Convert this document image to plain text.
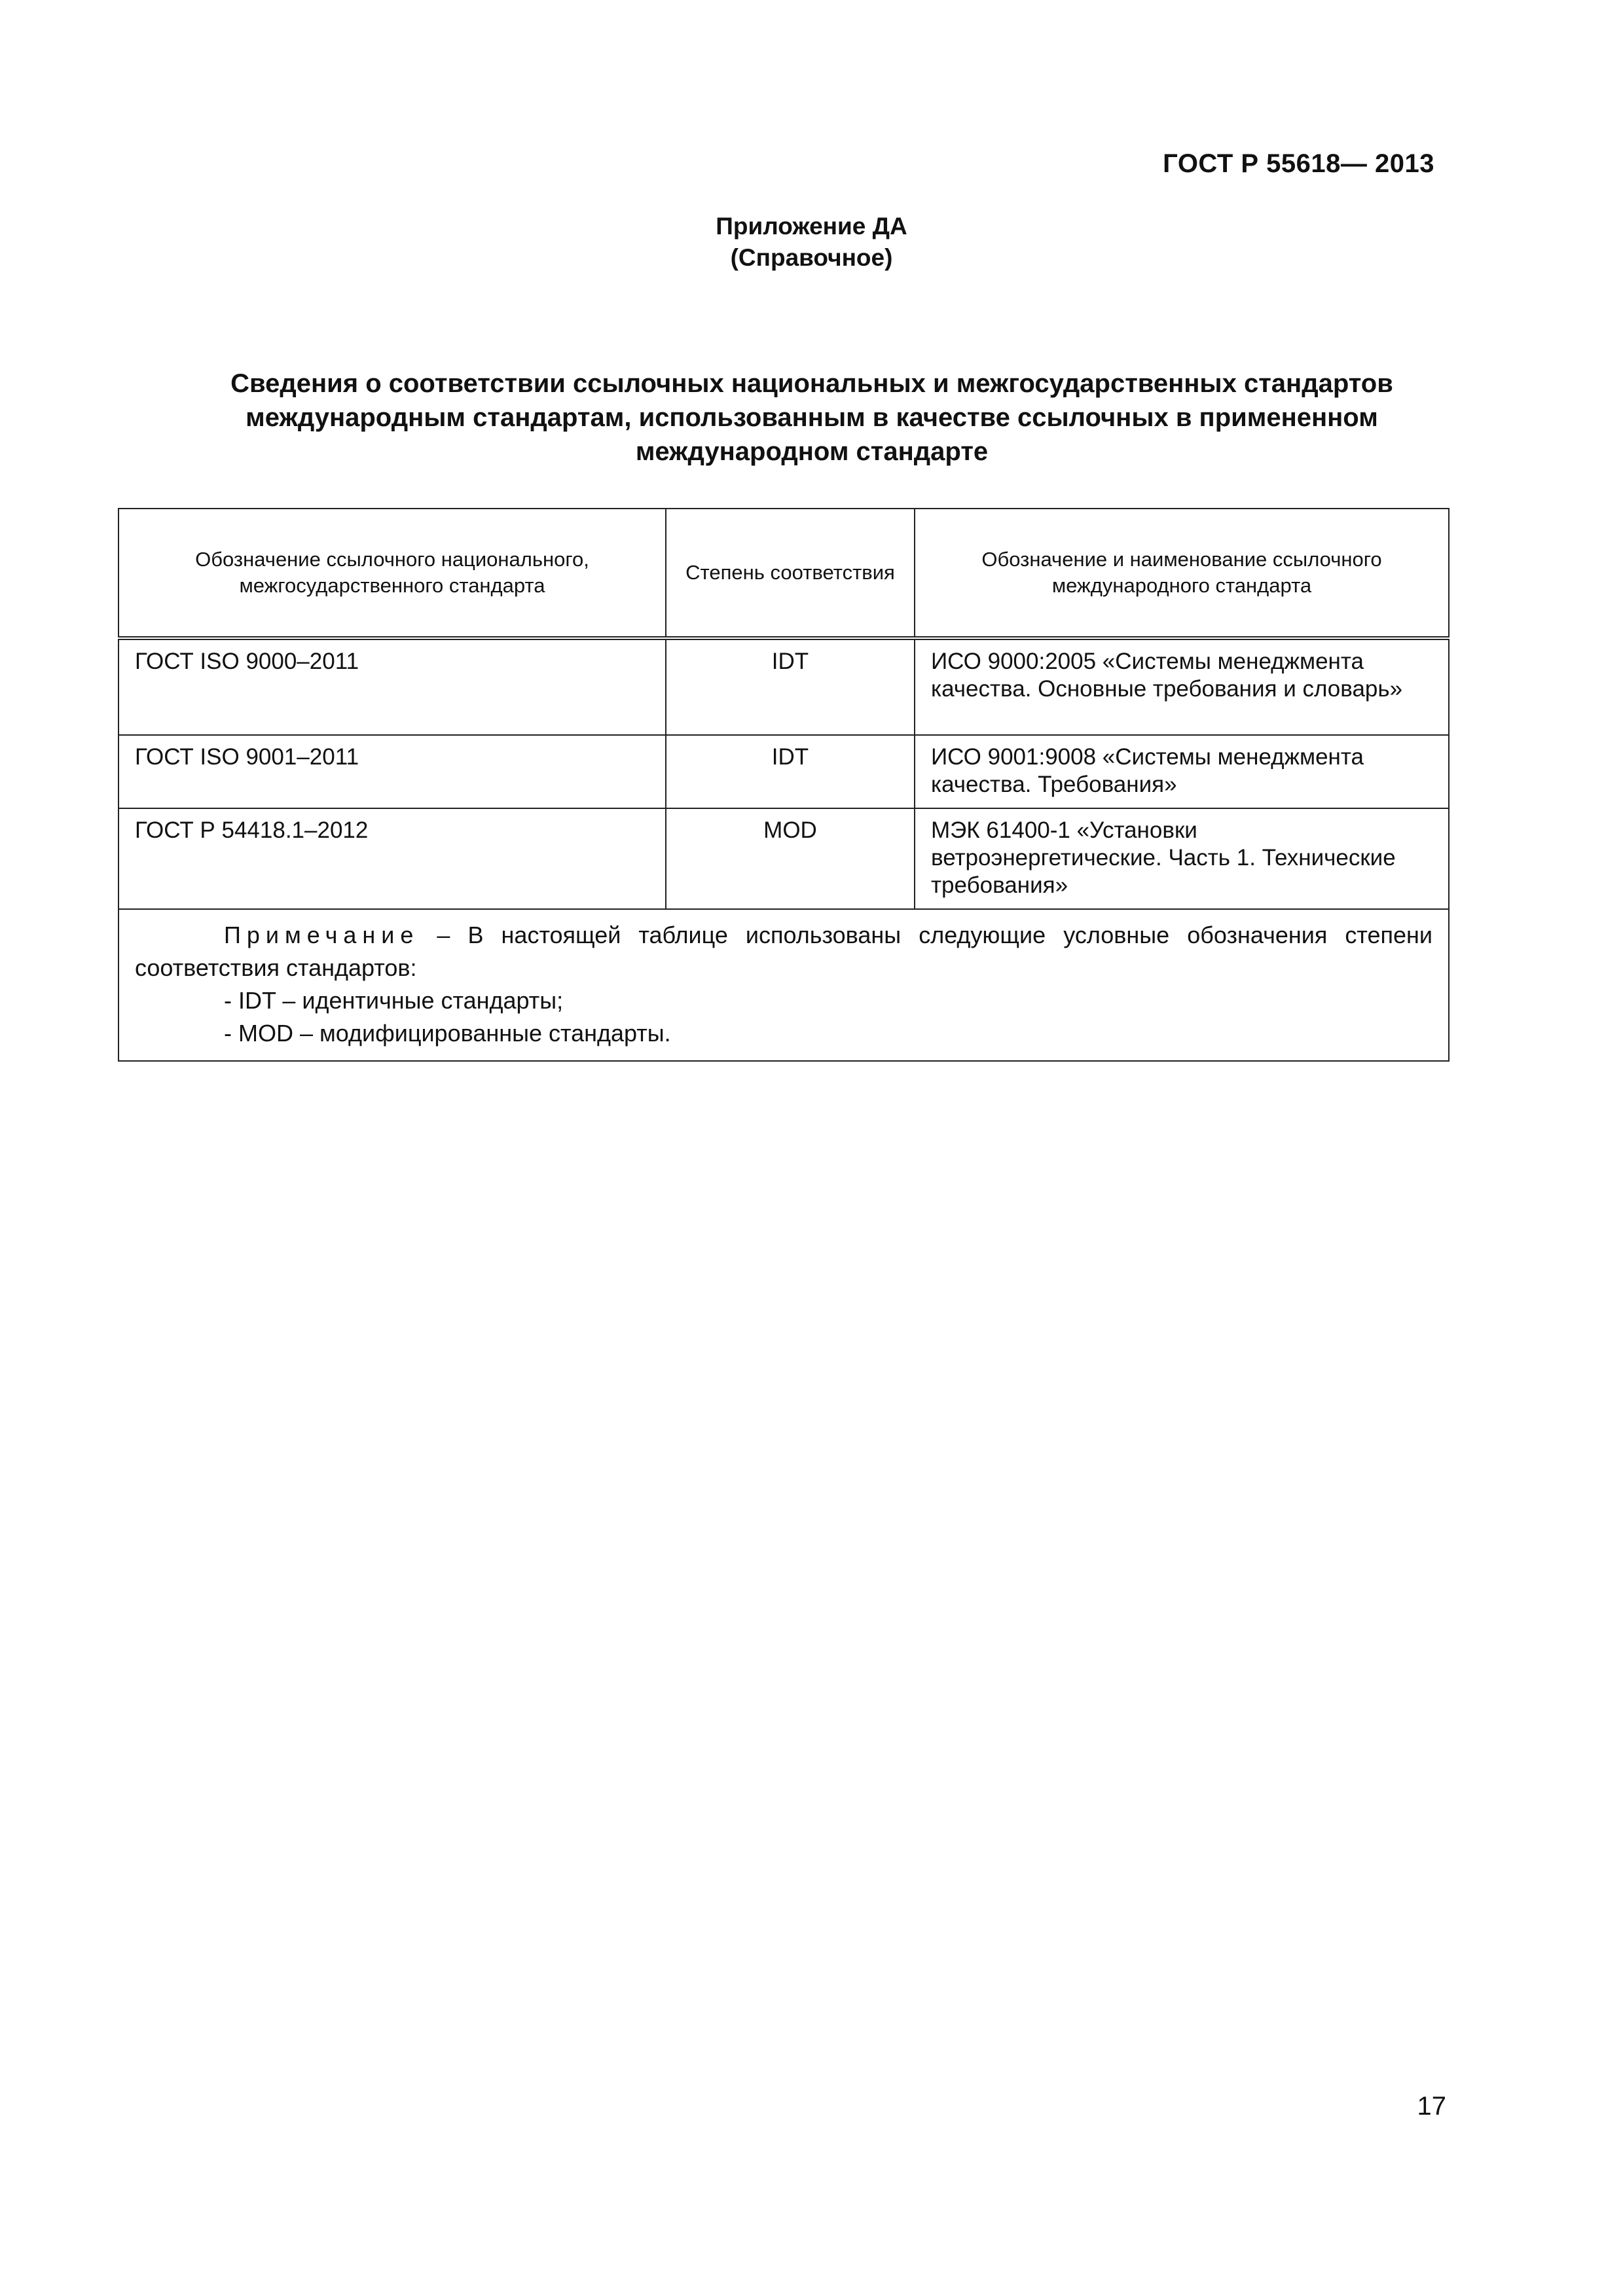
ГОСТ Р 55618— 2013
Приложение ДА
(Справочное)
Сведения о соответствии ссылочных национальных и межгосударственных стандартов
международным стандартам, использованным в качестве ссылочных в примененном
международном стандарте
Обозначение ссылочного национального, межгосударственного стандарта	Степень соответствия	Обозначение и наименование ссылочного международного стандарта
ГОСТ ISO 9000–2011	IDT	ИСО 9000:2005 «Системы менеджмента качества. Основные требования и словарь»
ГОСТ ISO 9001–2011	IDT	ИСО 9001:9008 «Системы менеджмента качества. Требования»
ГОСТ Р 54418.1–2012	MOD	МЭК 61400-1 «Установки ветроэнергетические. Часть 1. Технические требования»

Примечание – В настоящей таблице использованы следующие условные обозначения степени соответствия стандартов:
- IDT – идентичные стандарты;
- MOD – модифицированные стандарты.		
17
